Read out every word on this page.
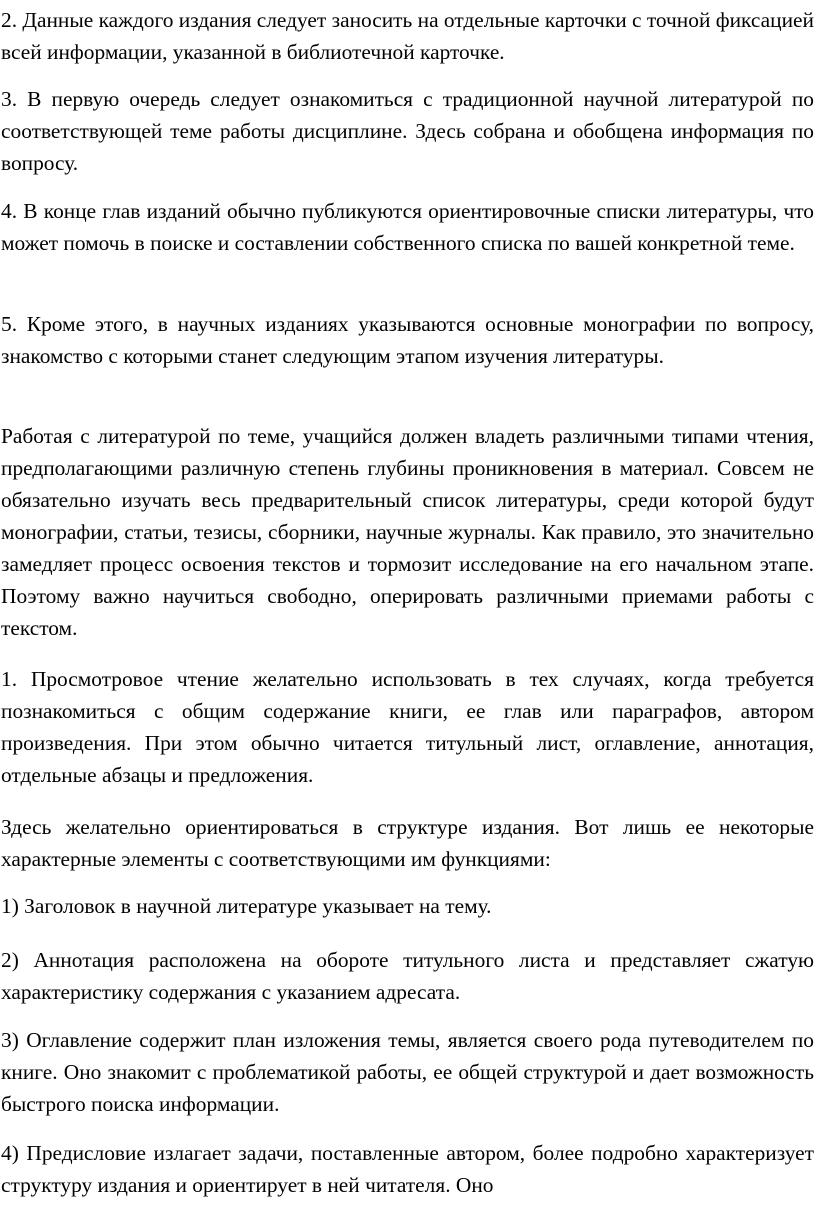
2. Данные каждого издания следует заносить на отдельные карточки с точной фиксацией всей информации, указанной в библиотечной карточке.

3. В первую очередь следует ознакомиться с традиционной научной литературой по соответствующей теме работы дисциплине. Здесь собрана и обобщена информация по вопросу.

4. В конце глав изданий обычно публикуются ориентировочные списки литературы, что может помочь в поиске и составлении собственного списка по вашей конкретной теме.

5. Кроме этого, в научных изданиях указываются основные монографии по вопросу, знакомство с которыми станет следующим этапом изучения литературы.

Работая с литературой по теме, учащийся должен владеть различными типами чтения, предполагающими различную степень глубины проникновения в материал. Совсем не обязательно изучать весь предварительный список литературы, среди которой будут монографии, статьи, тезисы, сборники, научные журналы. Как правило, это значительно замедляет процесс освоения текстов и тормозит исследование на его начальном этапе. Поэтому важно научиться свободно, оперировать различными приемами работы с текстом.

1. Просмотровое чтение желательно использовать в тех случаях, когда требуется познакомиться с общим содержание книги, ее глав или параграфов, автором произведения. При этом обычно читается титульный лист, оглавление, аннотация, отдельные абзацы и предложения.

Здесь желательно ориентироваться в структуре издания. Вот лишь ее некоторые характерные элементы с соответствующими им функциями:

1) Заголовок в научной литературе указывает на тему.

2) Аннотация расположена на обороте титульного листа и представляет сжатую характеристику содержания с указанием адресата.

3) Оглавление содержит план изложения темы, является своего рода путеводителем по книге. Оно знакомит с проблематикой работы, ее общей структурой и дает возможность быстрого поиска информации.

4) Предисловие излагает задачи, поставленные автором, более подробно характеризует структуру издания и ориентирует в ней читателя. Оно
